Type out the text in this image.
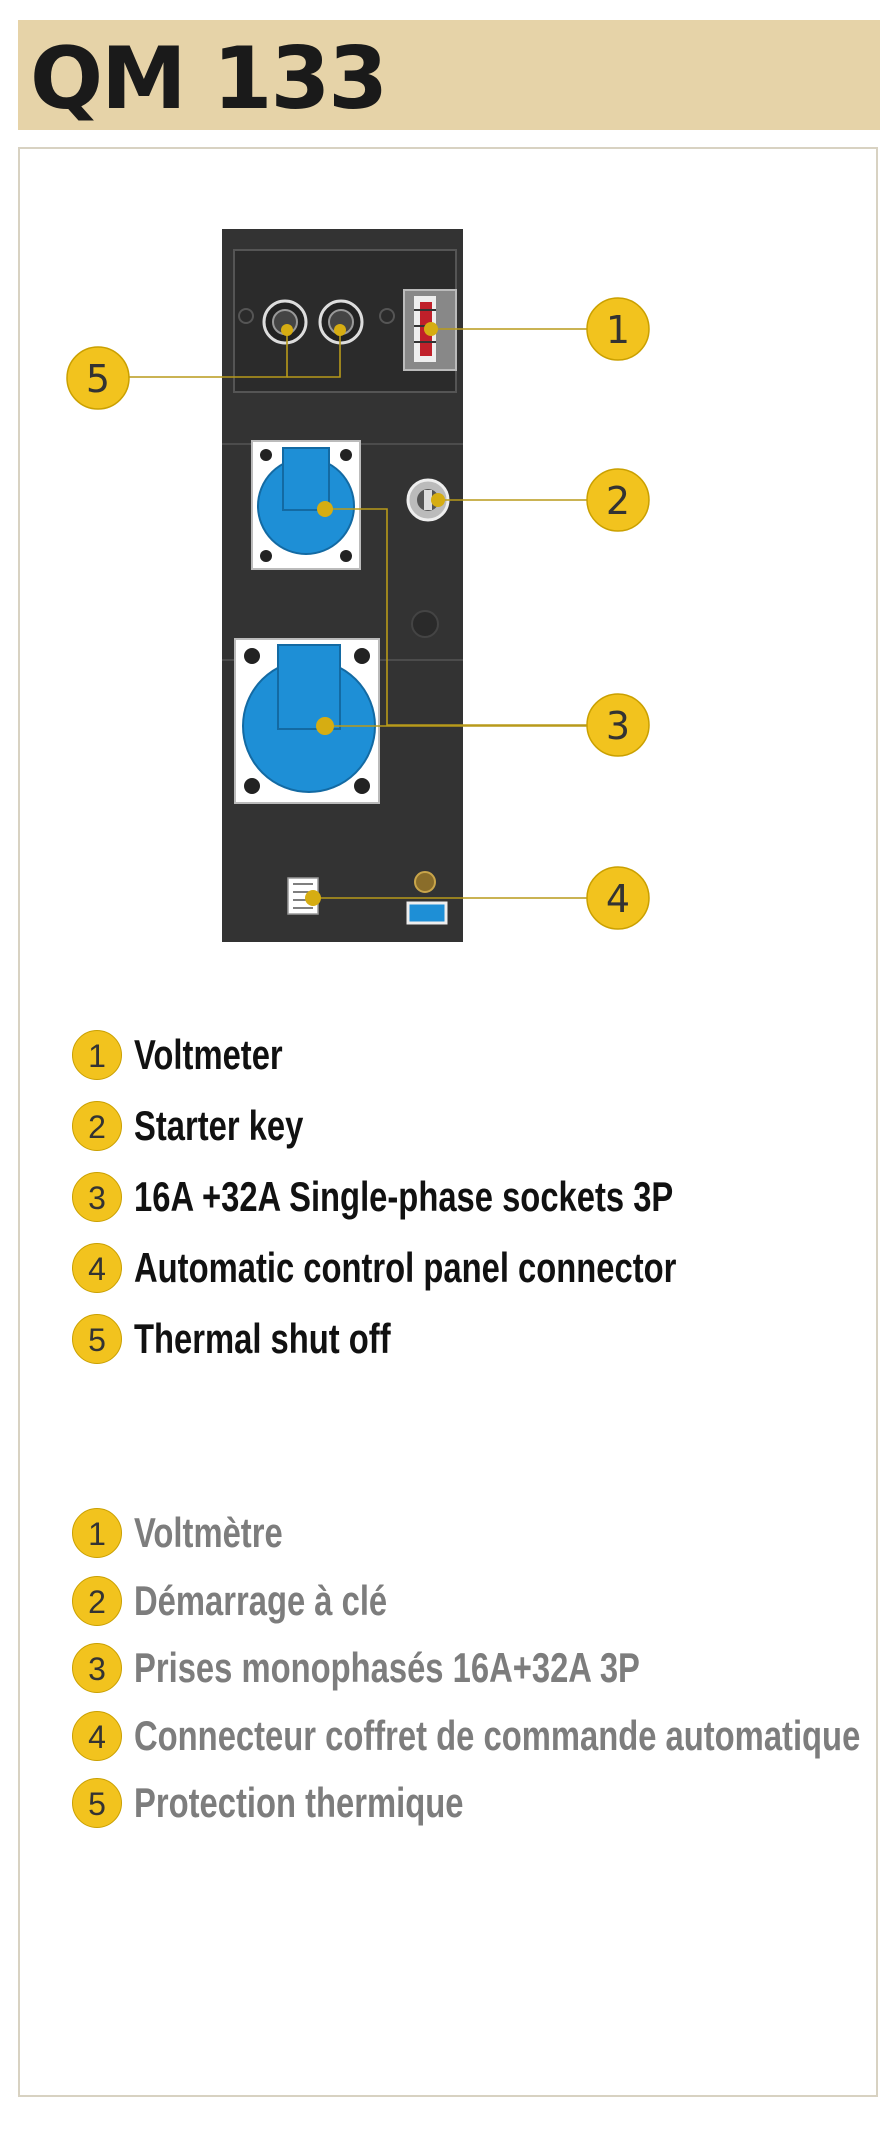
QM 133
1
2
3
4
5
1 Voltmeter
2 Starter key
3 16A +32A Single-phase sockets 3P
4 Automatic control panel connector
5 Thermal shut off
1 Voltmètre
2 Démarrage à clé
3 Prises monophasés 16A+32A 3P
4 Connecteur coffret de commande automatique
5 Protection thermique
